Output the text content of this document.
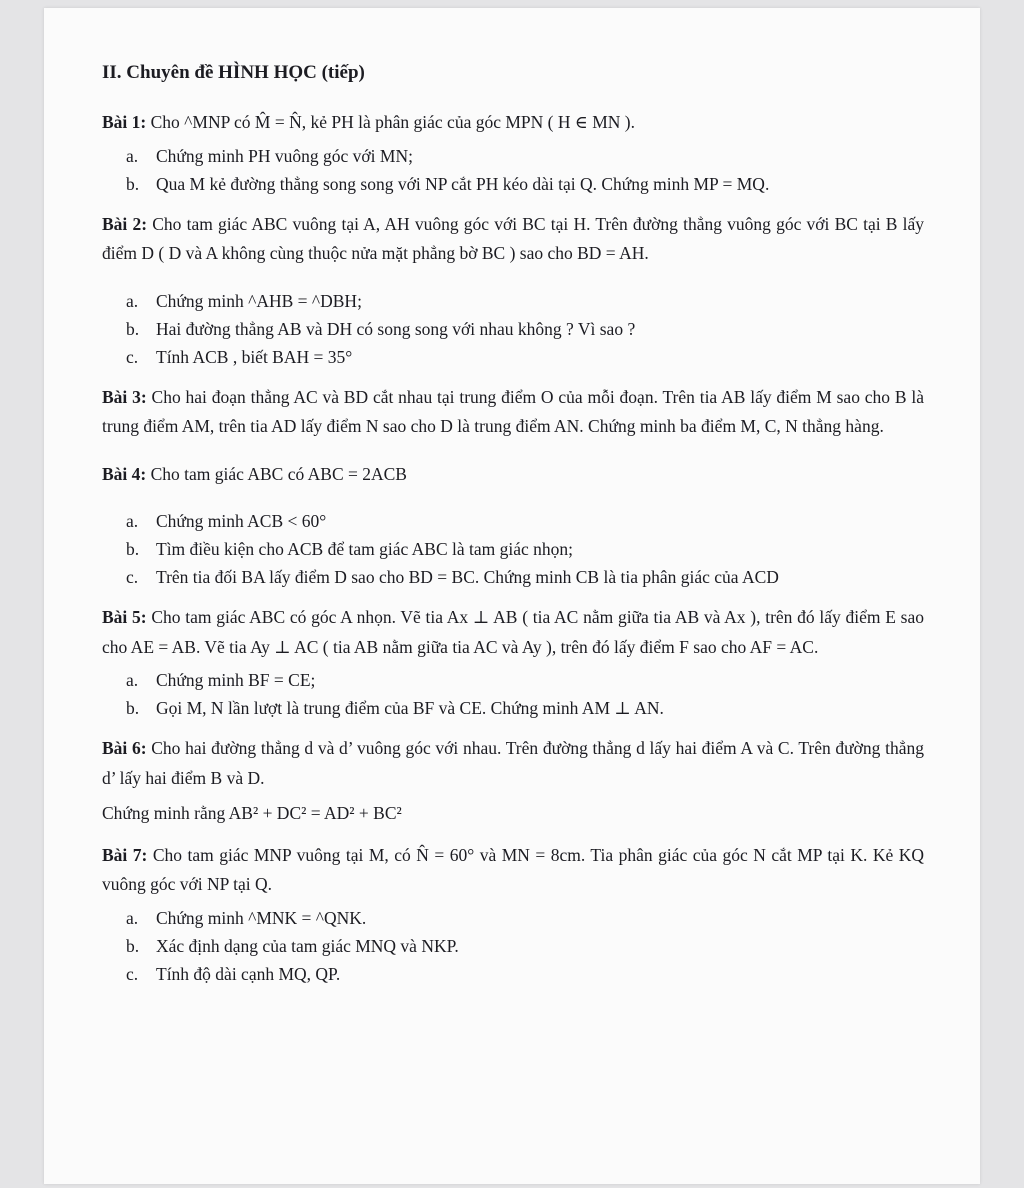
II. Chuyên đề HÌNH HỌC (tiếp)

Bài 1: Cho ^MNP có M̂ = N̂, kẻ PH là phân giác của góc MPN ( H ∈ MN ).

a.	Chứng minh PH vuông góc với MN;
b. Qua M kẻ đường thẳng song song với NP cắt PH kéo dài tại Q. Chứng minh MP = MQ.

Bài 2: Cho tam giác ABC vuông tại A, AH vuông góc với BC tại H. Trên đường thẳng vuông góc với BC tại B lấy điểm D ( D và A không cùng thuộc nửa mặt phẳng bờ BC ) sao cho BD = AH.

a.	Chứng minh ^AHB = ^DBH;
b. Hai đường thẳng AB và DH có song song với nhau không ? Vì sao ?
c.	Tính ACB , biết BAH = 35°

Bài 3: Cho hai đoạn thẳng AC và BD cắt nhau tại trung điểm O của mỗi đoạn. Trên tia AB lấy điểm M sao cho B là trung điểm AM, trên tia AD lấy điểm N sao cho D là trung điểm AN. Chứng minh ba điểm M, C, N thẳng hàng.

Bài 4: Cho tam giác ABC có ABC = 2ACB

a.	Chứng minh ACB < 60°
b. Tìm điều kiện cho ACB để tam giác ABC là tam giác nhọn;
c.	Trên tia đối BA lấy điểm D sao cho BD = BC. Chứng minh CB là tia phân giác của ACD

Bài 5: Cho tam giác ABC có góc A nhọn. Vẽ tia Ax ⊥ AB ( tia AC nằm giữa tia AB và Ax ), trên đó lấy điểm E sao cho AE = AB. Vẽ tia Ay ⊥ AC ( tia AB nằm giữa tia AC và Ay ), trên đó lấy điểm F sao cho AF = AC.

a.	Chứng minh BF = CE;
b. Gọi M, N lần lượt là trung điểm của BF và CE. Chứng minh AM ⊥ AN.

Bài 6: Cho hai đường thẳng d và d’ vuông góc với nhau. Trên đường thẳng d lấy hai điểm A và C. Trên đường thẳng d’ lấy hai điểm B và D.

Chứng minh rằng AB² + DC² = AD² + BC²

Bài 7: Cho tam giác MNP vuông tại M, có N̂ = 60° và MN = 8cm. Tia phân giác của góc N cắt MP tại K. Kẻ KQ vuông góc với NP tại Q.

a.	Chứng minh ^MNK = ^QNK.
b. Xác định dạng của tam giác MNQ và NKP.
c.	Tính độ dài cạnh MQ, QP.
